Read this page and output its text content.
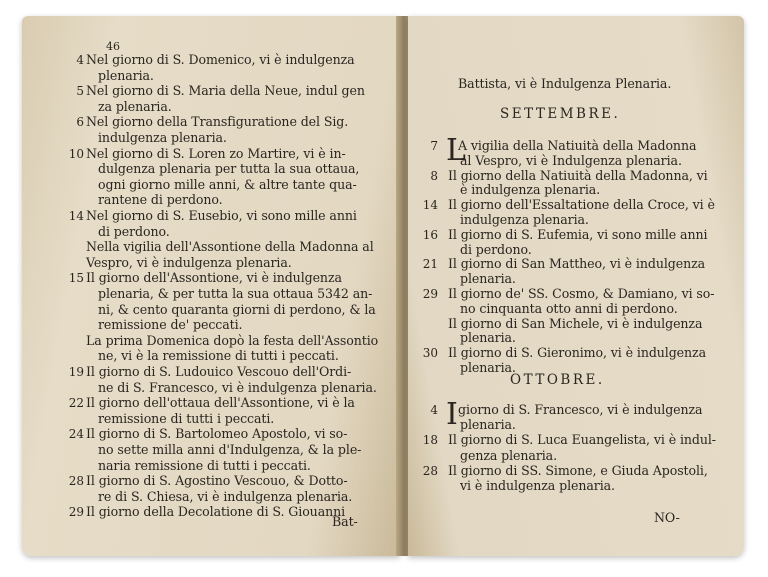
46
4 Nel giorno di S. Domenico, vi è indulgenza
plenaria.
5 Nel giorno di S. Maria della Neue, indul gen
za plenaria.
6 Nel giorno della Transfiguratione del Sig.
indulgenza plenaria.
10 Nel giorno di S. Loren zo Martire, vi è in-
dulgenza plenaria per tutta la sua ottaua,
ogni giorno mille anni, & altre tante qua-
rantene di perdono.
14 Nel giorno di S. Eusebio, vi sono mille anni
di perdono.
Nella vigilia dell'Assontione della Madonna al
Vespro, vi è indulgenza plenaria.
15 Il giorno dell'Assontione, vi è indulgenza
plenaria, & per tutta la sua ottaua 5342 an-
ni, & cento quaranta giorni di perdono, & la
remissione de' peccati.
La prima Domenica dopò la festa dell'Assontio
ne, vi è la remissione di tutti i peccati.
19 Il giorno di S. Ludouico Vescouo dell'Ordi-
ne di S. Francesco, vi è indulgenza plenaria.
22 Il giorno dell'ottaua dell'Assontione, vi è la
remissione di tutti i peccati.
24 Il giorno di S. Bartolomeo Apostolo, vi so-
no sette milla anni d'Indulgenza, & la ple-
naria remissione di tutti i peccati.
28 Il giorno di S. Agostino Vescouo, & Dotto-
re di S. Chiesa, vi è indulgenza plenaria.
29 Il giorno della Decolatione di S. Giouanni
Bat-
Battista, vi è Indulgenza Plenaria.
SETTEMBRE.
7 L
A vigilia della Natiuità della Madonna
al Vespro, vi è Indulgenza plenaria.
8 Il giorno della Natiuità della Madonna, vi
è indulgenza plenaria.
14 Il giorno dell'Essaltatione della Croce, vi è
indulgenza plenaria.
16 Il giorno di S. Eufemia, vi sono mille anni
di perdono.
21 Il giorno di San Mattheo, vi è indulgenza
plenaria.
29 Il giorno de' SS. Cosmo, & Damiano, vi so-
no cinquanta otto anni di perdono.
Il giorno di San Michele, vi è indulgenza
plenaria.
30 Il giorno di S. Gieronimo, vi è indulgenza
plenaria.
OTTOBRE.
4 I giorno di S. Francesco, vi è indulgenza
plenaria.
18 Il giorno di S. Luca Euangelista, vi è indul-
genza plenaria.
28 Il giorno di SS. Simone, e Giuda Apostoli,
vi è indulgenza plenaria.
NO-
